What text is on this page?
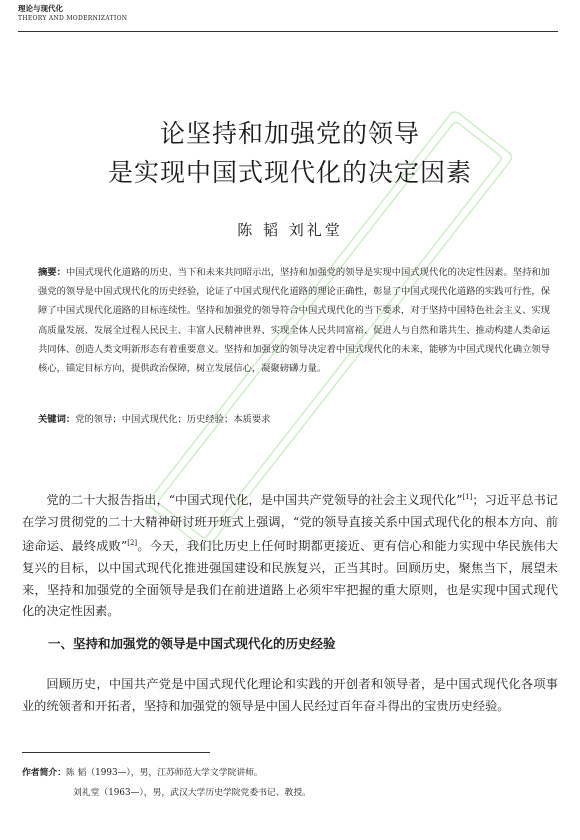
理论与现代化
THEORY AND MODERNIZATION
论坚持和加强党的领导
是实现中国式现代化的决定因素
陈 韬 刘礼堂
摘要：中国式现代化道路的历史、当下和未来共同昭示出，坚持和加强党的领导是实现中国式现代化的决定性因素。坚持和加强党的领导是中国式现代化的历史经验，论证了中国式现代化道路的理论正确性，彰显了中国式现代化道路的实践可行性，保障了中国式现代化道路的目标连续性。坚持和加强党的领导符合中国式现代化的当下要求，对于坚持中国特色社会主义、实现高质量发展、发展全过程人民民主、丰富人民精神世界、实现全体人民共同富裕、促进人与自然和谐共生、推动构建人类命运共同体、创造人类文明新形态有着重要意义。坚持和加强党的领导决定着中国式现代化的未来，能够为中国式现代化确立领导核心，锚定目标方向，提供政治保障，树立发展信心，凝聚磅礴力量。
关键词：党的领导；中国式现代化；历史经验；本质要求
党的二十大报告指出，“中国式现代化，是中国共产党领导的社会主义现代化”[1]；习近平总书记在学习贯彻党的二十大精神研讨班开班式上强调，“党的领导直接关系中国式现代化的根本方向、前途命运、最终成败”[2]。今天，我们比历史上任何时期都更接近、更有信心和能力实现中华民族伟大复兴的目标，以中国式现代化推进强国建设和民族复兴，正当其时。回顾历史，聚焦当下，展望未来，坚持和加强党的全面领导是我们在前进道路上必须牢牢把握的重大原则，也是实现中国式现代化的决定性因素。
一、坚持和加强党的领导是中国式现代化的历史经验
回顾历史，中国共产党是中国式现代化理论和实践的开创者和领导者，是中国式现代化各项事业的统领者和开拓者，坚持和加强党的领导是中国人民经过百年奋斗得出的宝贵历史经验。
作者简介：陈 韬（1993—），男，江苏师范大学文学院讲师。
刘礼堂（1963—），男，武汉大学历史学院党委书记、教授。
